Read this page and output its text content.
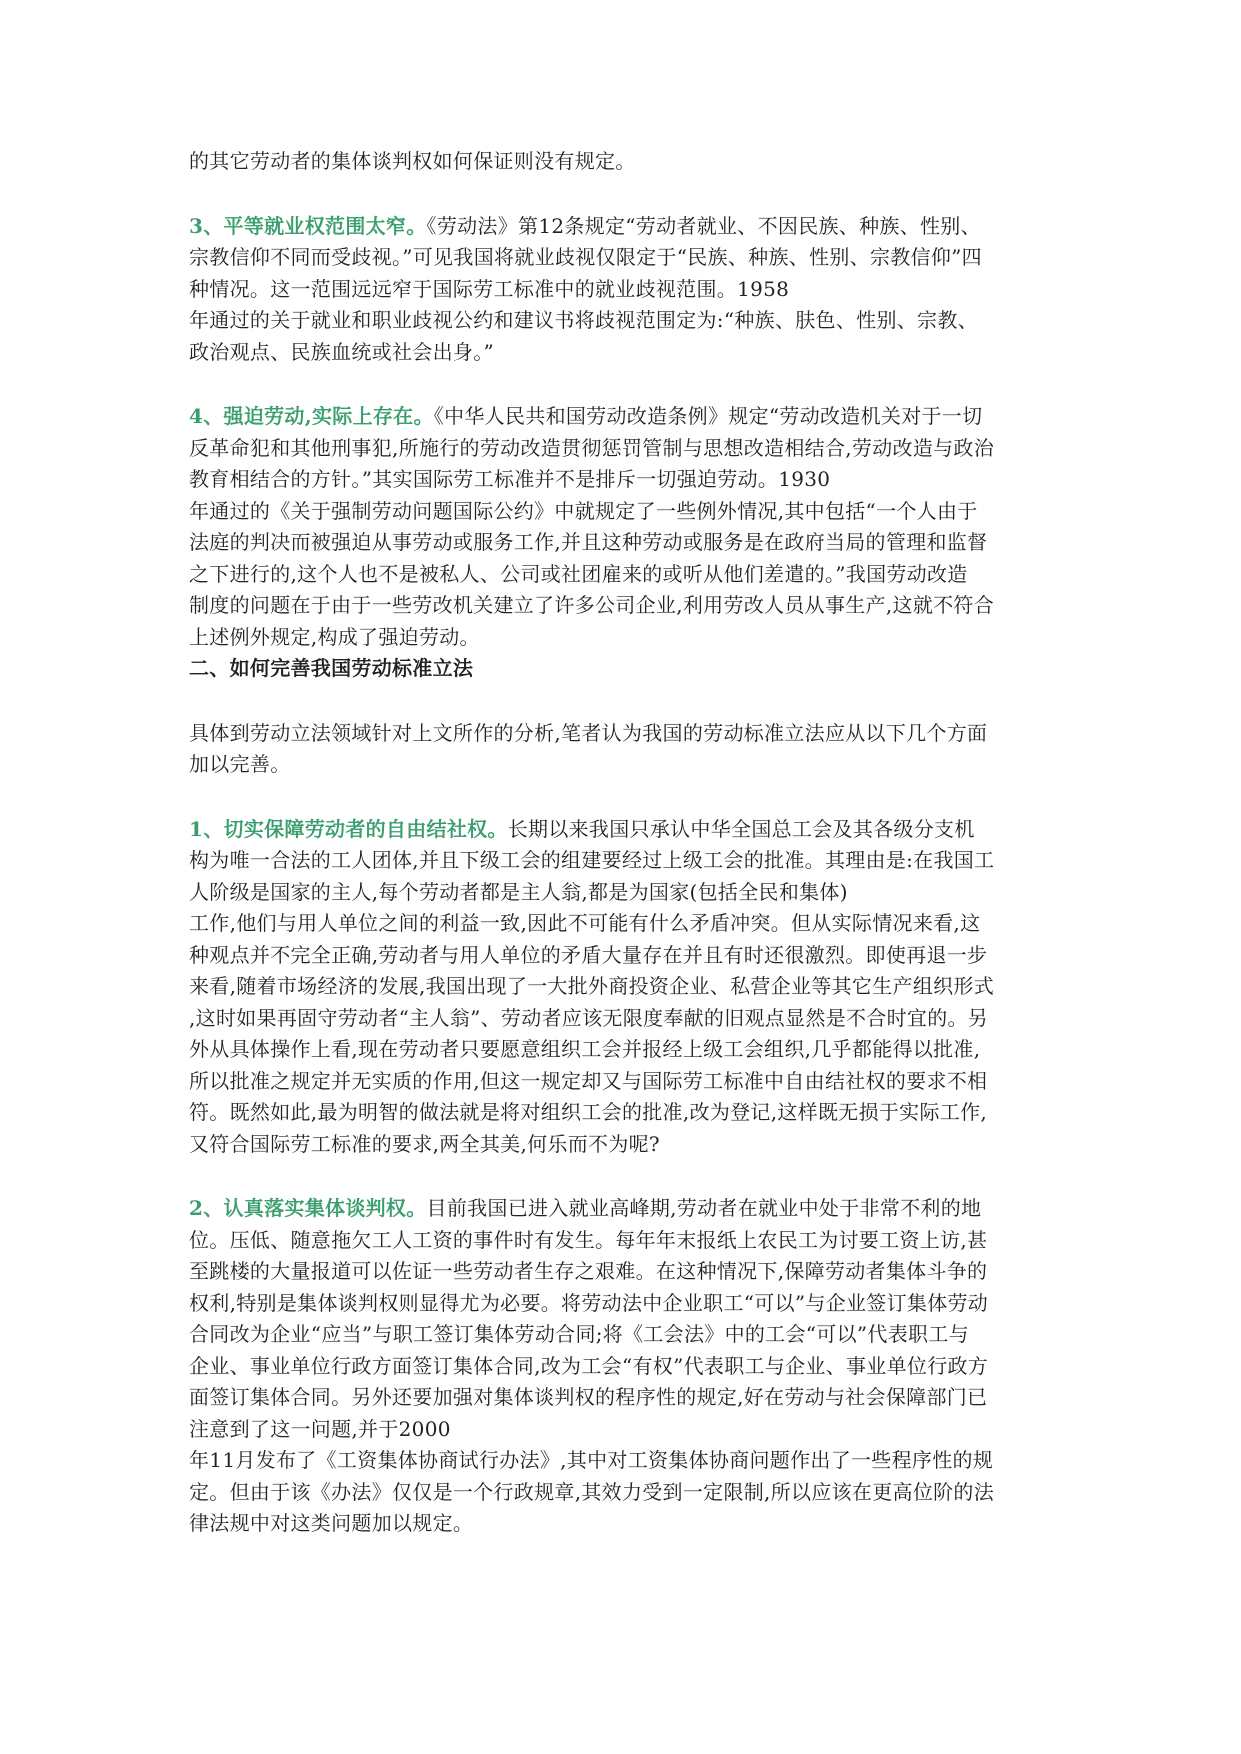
的其它劳动者的集体谈判权如何保证则没有规定。
3、平等就业权范围太窄。《劳动法》第12条规定“劳动者就业、不因民族、种族、性别、
宗教信仰不同而受歧视。”可见我国将就业歧视仅限定于“民族、种族、性别、宗教信仰”四
种情况。这一范围远远窄于国际劳工标准中的就业歧视范围。1958
年通过的关于就业和职业歧视公约和建议书将歧视范围定为:“种族、肤色、性别、宗教、
政治观点、民族血统或社会出身。”
4、强迫劳动,实际上存在。《中华人民共和国劳动改造条例》规定“劳动改造机关对于一切
反革命犯和其他刑事犯,所施行的劳动改造贯彻惩罚管制与思想改造相结合,劳动改造与政治
教育相结合的方针。”其实国际劳工标准并不是排斥一切强迫劳动。1930
年通过的《关于强制劳动问题国际公约》中就规定了一些例外情况,其中包括“一个人由于
法庭的判决而被强迫从事劳动或服务工作,并且这种劳动或服务是在政府当局的管理和监督
之下进行的,这个人也不是被私人、公司或社团雇来的或听从他们差遣的。”我国劳动改造
制度的问题在于由于一些劳改机关建立了许多公司企业,利用劳改人员从事生产,这就不符合
上述例外规定,构成了强迫劳动。
二、如何完善我国劳动标准立法
具体到劳动立法领域针对上文所作的分析,笔者认为我国的劳动标准立法应从以下几个方面
加以完善。
1、切实保障劳动者的自由结社权。长期以来我国只承认中华全国总工会及其各级分支机
构为唯一合法的工人团体,并且下级工会的组建要经过上级工会的批准。其理由是:在我国工
人阶级是国家的主人,每个劳动者都是主人翁,都是为国家(包括全民和集体)
工作,他们与用人单位之间的利益一致,因此不可能有什么矛盾冲突。但从实际情况来看,这
种观点并不完全正确,劳动者与用人单位的矛盾大量存在并且有时还很激烈。即使再退一步
来看,随着市场经济的发展,我国出现了一大批外商投资企业、私营企业等其它生产组织形式
,这时如果再固守劳动者“主人翁”、劳动者应该无限度奉献的旧观点显然是不合时宜的。另
外从具体操作上看,现在劳动者只要愿意组织工会并报经上级工会组织,几乎都能得以批准,
所以批准之规定并无实质的作用,但这一规定却又与国际劳工标准中自由结社权的要求不相
符。既然如此,最为明智的做法就是将对组织工会的批准,改为登记,这样既无损于实际工作,
又符合国际劳工标准的要求,两全其美,何乐而不为呢?
2、认真落实集体谈判权。目前我国已进入就业高峰期,劳动者在就业中处于非常不利的地
位。压低、随意拖欠工人工资的事件时有发生。每年年末报纸上农民工为讨要工资上访,甚
至跳楼的大量报道可以佐证一些劳动者生存之艰难。在这种情况下,保障劳动者集体斗争的
权利,特别是集体谈判权则显得尤为必要。将劳动法中企业职工“可以”与企业签订集体劳动
合同改为企业“应当”与职工签订集体劳动合同;将《工会法》中的工会“可以”代表职工与
企业、事业单位行政方面签订集体合同,改为工会“有权”代表职工与企业、事业单位行政方
面签订集体合同。另外还要加强对集体谈判权的程序性的规定,好在劳动与社会保障部门已
注意到了这一问题,并于2000
年11月发布了《工资集体协商试行办法》,其中对工资集体协商问题作出了一些程序性的规
定。但由于该《办法》仅仅是一个行政规章,其效力受到一定限制,所以应该在更高位阶的法
律法规中对这类问题加以规定。
